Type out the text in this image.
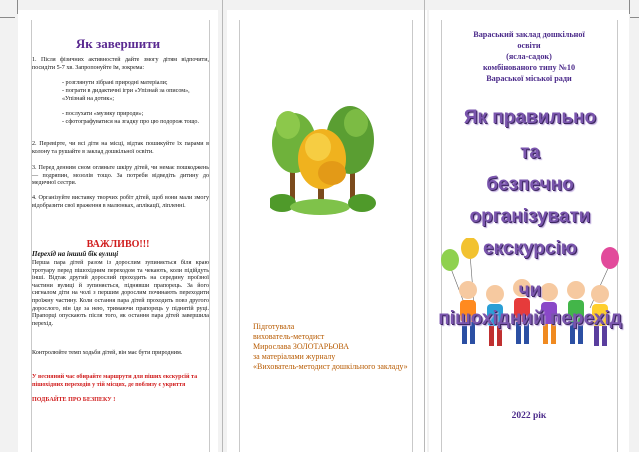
Як завершити
1. Після фізичних активностей дайте змогу дітям відпочити, посидіти 5-7 хв. Запропонуйте їм, зокрема:
- розглянути зібрані природні матеріали;
- погрaти в дидактичні ігри «Упізнай за описом», «Упізнай на дотик»;
- послухати «музику природи»;
- сфотографуватися на згадку про цю подорож тощо.
2. Перевірте, чи всі діти на місці, відтак пошикуйте їх парами в колону та рушайте в заклад дошкільної освіти.
3. Перед денним сном огляньте шкіру дітей, чи немає пошкоджень — подряпин, мозолів тощо. За потреби відведіть дитину до медичної сестри.
4. Організуйте виставку творчих робіт дітей, щоб вони мали змогу відобразити свої враження в малюнках, аплікації, ліпленні.
ВАЖЛИВО!!!
Перехід на інший бік вулиці
Перша пара дітей разом із дорослим зупиняється біля краю тротуару перед пішохідним переходом та чекають, коли підійдуть інші. Відтак другий дорослий проходить на середину проїзної частини вулиці й зупиняється, піднявши прапорець. За його сигналом діти на чолі з першим дорослим починають переходити проїжну частину. Коли остання пара дітей проходить повз другого дорослого, він іде за нею, тримаючи прапорець у піднятій руці. Прапорці опускають після того, як остання пара дітей завершила перехід.
Контролюйте темп ходьби дітей, він має бути природним.
У весняний час обирайте маршрути для піших екскурсій та пішохідних переходів у тій місцях, де поблизу є укриття
ПОДБАЙТЕ ПРО БЕЗПЕКУ !
Підготувала
вихователь-методист
Мирослава ЗОЛОТАРЬОВА
за матеріалами журналу
«Вихователь-методист дошкільного закладу»
Вараський заклад дошкільної
освіти
(ясла-садок)
комбінованого типу №10
Вараської міської ради
Як правильно
та
безпечно
організувати
екскурсію
чи
пішохідний перехід
2022 рік
